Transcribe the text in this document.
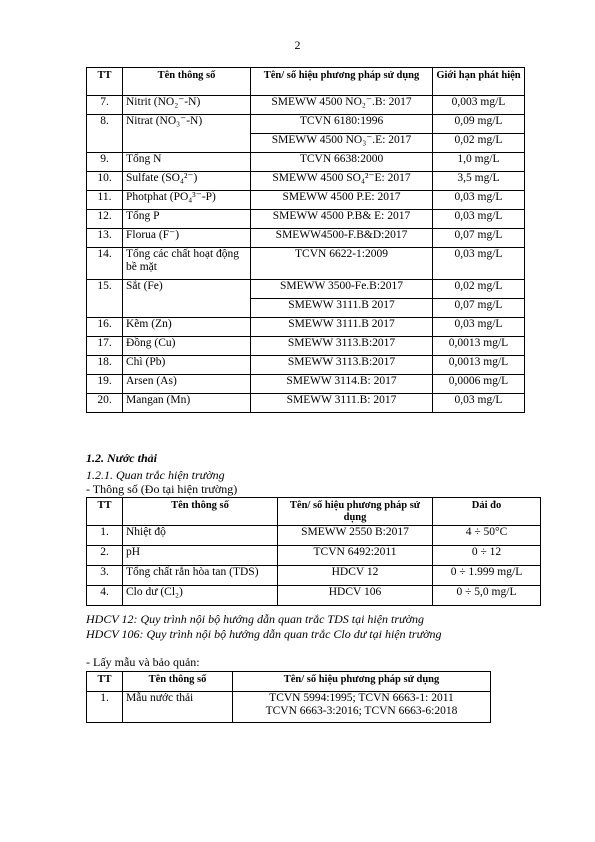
2
TT	Tên thông số	Tên/ số hiệu phương pháp sử dụng	Giới hạn phát hiện
7.	Nitrit (NO₂⁻-N)	SMEWW 4500 NO₂⁻.B: 2017	0,003 mg/L
8.	Nitrat (NO₃⁻-N)	TCVN 6180:1996	0,09 mg/L
		SMEWW 4500 NO₃⁻.E: 2017	0,02 mg/L
9.	Tổng N	TCVN 6638:2000	1,0 mg/L
10.	Sulfate (SO₄²⁻)	SMEWW 4500 SO₄²⁻E: 2017	3,5 mg/L
11.	Photphat (PO₄³⁻-P)	SMEWW 4500 P.E: 2017	0,03 mg/L
12.	Tổng P	SMEWW 4500 P.B& E: 2017	0,03 mg/L
13.	Florua (F⁻)	SMEWW4500-F.B&D:2017	0,07 mg/L
14.	Tổng các chất hoạt động bề mặt	TCVN 6622-1:2009	0,03 mg/L
15.	Sắt (Fe)	SMEWW 3500-Fe.B:2017	0,02 mg/L
		SMEWW 3111.B 2017	0,07 mg/L
16.	Kẽm (Zn)	SMEWW 3111.B 2017	0,03 mg/L
17.	Đồng (Cu)	SMEWW 3113.B:2017	0,0013 mg/L
18.	Chì (Pb)	SMEWW 3113.B:2017	0,0013 mg/L
19.	Arsen (As)	SMEWW 3114.B: 2017	0,0006 mg/L
20.	Mangan (Mn)	SMEWW 3111.B: 2017	0,03 mg/L
1.2. Nước thải
1.2.1. Quan trắc hiện trường
- Thông số (Đo tại hiện trường)
TT	Tên thông số	Tên/ số hiệu phương pháp sử dụng	Dải đo
1.	Nhiệt độ	SMEWW 2550 B:2017	4 ÷ 50°C
2.	pH	TCVN 6492:2011	0 ÷ 12
3.	Tổng chất rắn hòa tan (TDS)	HDCV 12	0 ÷ 1.999 mg/L
4.	Clo dư (Cl₂)	HDCV 106	0 ÷ 5,0 mg/L
HDCV 12: Quy trình nội bộ hướng dẫn quan trắc TDS tại hiện trường
HDCV 106: Quy trình nội bộ hướng dẫn quan trắc Clo dư tại hiện trường
- Lấy mẫu và bảo quản:
TT	Tên thông số	Tên/ số hiệu phương pháp sử dụng
1.	Mẫu nước thải	TCVN 5994:1995; TCVN 6663-1: 2011
TCVN 6663-3:2016; TCVN 6663-6:2018
